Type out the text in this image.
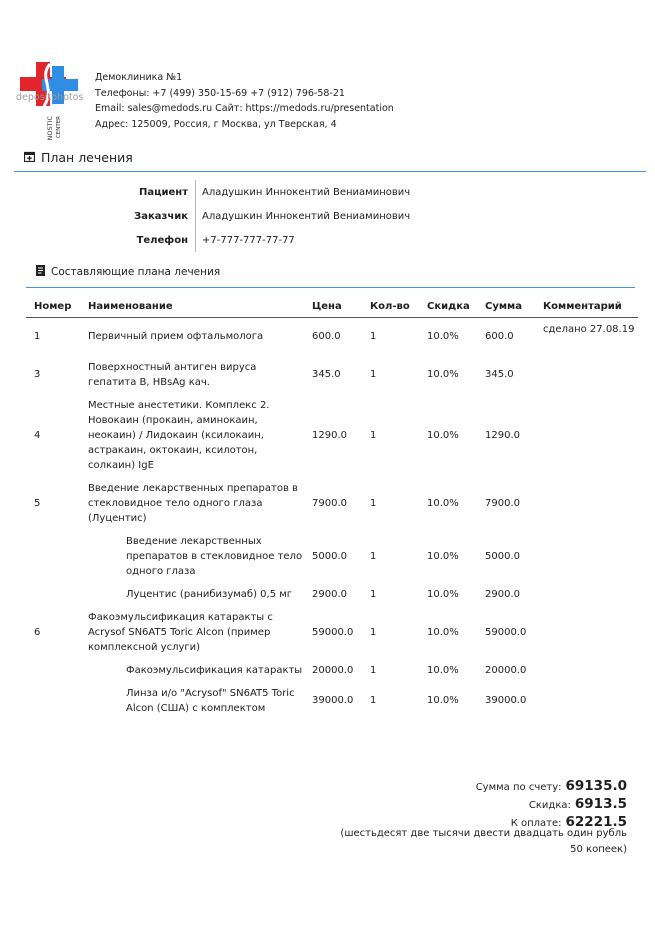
depositphotos
DIAGNOSTIC CENTER
Демоклиника №1
Телефоны: +7 (499) 350-15-69 +7 (912) 796-58-21
Email: sales@medods.ru Сайт: https://medods.ru/presentation
Адрес: 125009, Россия, г Москва, ул Тверская, 4
План лечения
Пациент	Аладушкин Иннокентий Вениаминович
Заказчик	Аладушкин Иннокентий Вениаминович
Телефон	+7-777-777-77-77
Составляющие плана лечения
Номер	Наименование	Цена	Кол-во	Скидка	Сумма	Комментарий
1	Первичный прием офтальмолога	600.0	1	10.0%	600.0	сделано 27.08.19
3	Поверхностный антиген вируса гепатита В, HBsAg кач.	345.0	1	10.0%	345.0	
4	Местные анестетики. Комплекс 2. Новокаин (прокаин, аминокаин, неокаин) / Лидокаин (ксилокаин, астракаин, октокаин, ксилотон, солкаин) IgE	1290.0	1	10.0%	1290.0	
5	Введение лекарственных препаратов в стекловидное тело одного глаза (Луцентис)	7900.0	1	10.0%	7900.0	
	Введение лекарственных препаратов в стекловидное тело одного глаза	5000.0	1	10.0%	5000.0	
	Луцентис (ранибизумаб) 0,5 мг	2900.0	1	10.0%	2900.0	
6	Факоэмульсификация катаракты с Acrysof SN6AT5 Toric Alcon (пример комплексной услуги)	59000.0	1	10.0%	59000.0	
	Факоэмульсификация катаракты	20000.0	1	10.0%	20000.0	
	Линза и/о "Acrysof" SN6AT5 Toric Alcon (США) с комплектом	39000.0	1	10.0%	39000.0	
Сумма по счету: 69135.0
Скидка: 6913.5
К оплате: 62221.5
(шестьдесят две тысячи двести двадцать один рубль 50 копеек)
